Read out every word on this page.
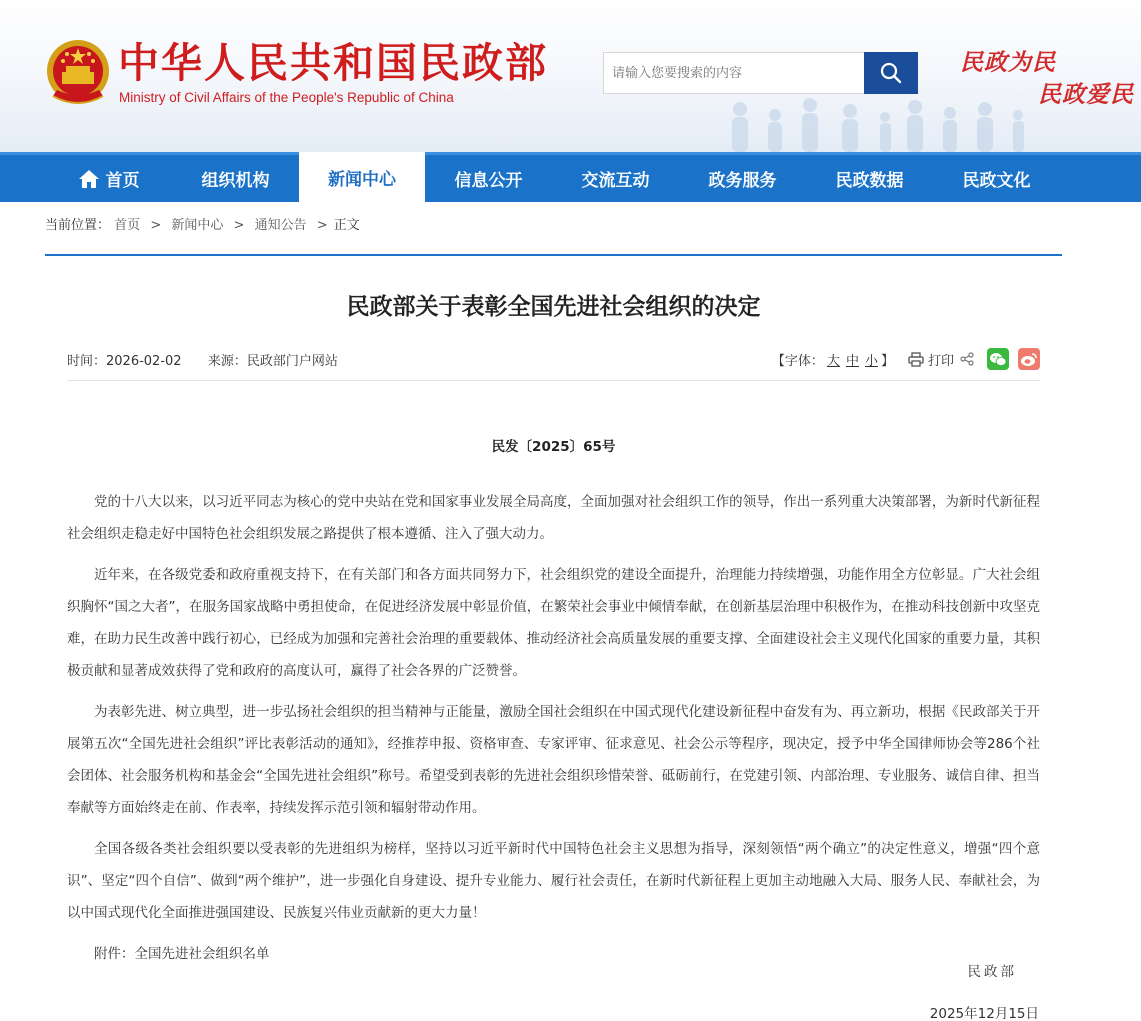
中华人民共和国民政部
Ministry of Civil Affairs of the People's Republic of China
请输入您要搜索的内容
民政为民
民政爱民
首页	组织机构	新闻中心	信息公开	交流互动	政务服务	民政数据	民政文化
当前位置： 首页 > 新闻中心 > 通知公告 > 正文
民政部关于表彰全国先进社会组织的决定
时间：2026-02-02 来源：民政部门户网站	【字体： 大 中 小 】	打印
民发〔2025〕65号

党的十八大以来，以习近平同志为核心的党中央站在党和国家事业发展全局高度，全面加强对社会组织工作的领导，作出一系列重大决策部署，为新时代新征程社会组织走稳走好中国特色社会组织发展之路提供了根本遵循、注入了强大动力。

近年来，在各级党委和政府重视支持下，在有关部门和各方面共同努力下，社会组织党的建设全面提升，治理能力持续增强，功能作用全方位彰显。广大社会组织胸怀“国之大者”，在服务国家战略中勇担使命，在促进经济发展中彰显价值，在繁荣社会事业中倾情奉献，在创新基层治理中积极作为，在推动科技创新中攻坚克难，在助力民生改善中践行初心，已经成为加强和完善社会治理的重要载体、推动经济社会高质量发展的重要支撑、全面建设社会主义现代化国家的重要力量，其积极贡献和显著成效获得了党和政府的高度认可，赢得了社会各界的广泛赞誉。

为表彰先进、树立典型，进一步弘扬社会组织的担当精神与正能量，激励全国社会组织在中国式现代化建设新征程中奋发有为、再立新功，根据《民政部关于开展第五次“全国先进社会组织”评比表彰活动的通知》，经推荐申报、资格审查、专家评审、征求意见、社会公示等程序，现决定，授予中华全国律师协会等286个社会团体、社会服务机构和基金会“全国先进社会组织”称号。希望受到表彰的先进社会组织珍惜荣誉、砥砺前行，在党建引领、内部治理、专业服务、诚信自律、担当奉献等方面始终走在前、作表率，持续发挥示范引领和辐射带动作用。

全国各级各类社会组织要以受表彰的先进组织为榜样，坚持以习近平新时代中国特色社会主义思想为指导，深刻领悟“两个确立”的决定性意义，增强“四个意识”、坚定“四个自信”、做到“两个维护”，进一步强化自身建设、提升专业能力、履行社会责任，在新时代新征程上更加主动地融入大局、服务人民、奉献社会，为以中国式现代化全面推进强国建设、民族复兴伟业贡献新的更大力量！

附件：全国先进社会组织名单

民政部
2025年12月15日
